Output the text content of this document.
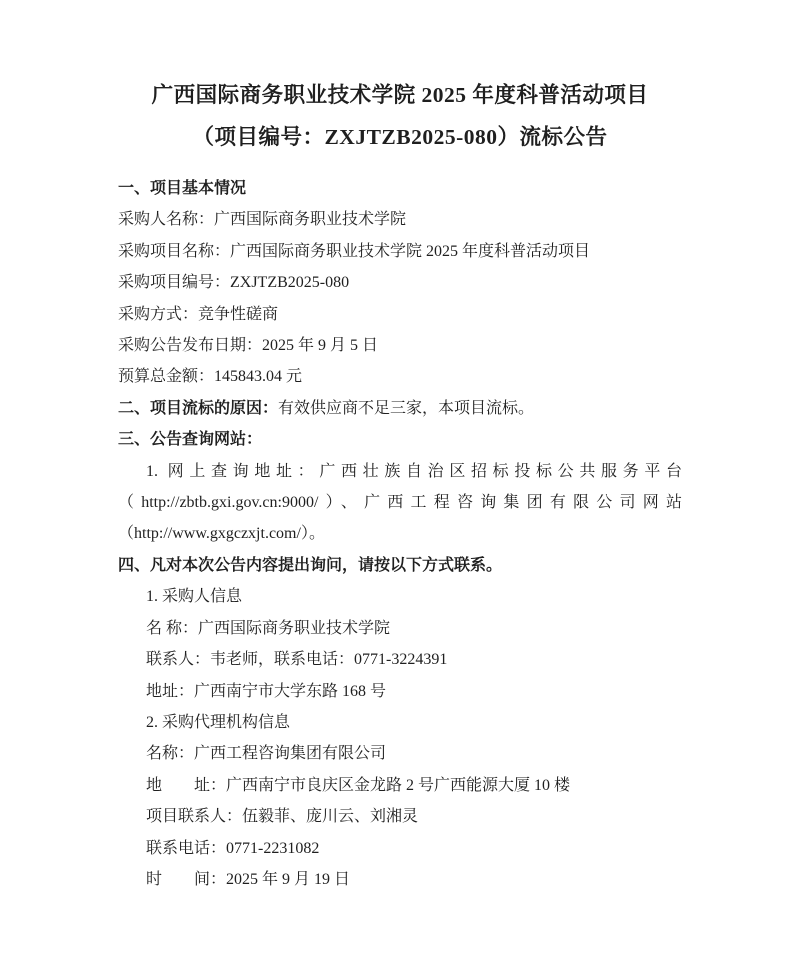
广西国际商务职业技术学院 2025 年度科普活动项目

（项目编号：ZXJTZB2025-080）流标公告

一、项目基本情况

采购人名称：广西国际商务职业技术学院

采购项目名称：广西国际商务职业技术学院 2025 年度科普活动项目

采购项目编号：ZXJTZB2025-080

采购方式：竞争性磋商

采购公告发布日期：2025 年 9 月 5 日

预算总金额：145843.04 元

二、项目流标的原因：有效供应商不足三家，本项目流标。

三、公告查询网站：

1. 网上查询地址：广西壮族自治区招标投标公共服务平台

（http://zbtb.gxi.gov.cn:9000/）、广西工程咨询集团有限公司网站

（http://www.gxgczxjt.com/）。

四、凡对本次公告内容提出询问，请按以下方式联系。

1. 采购人信息

名 称：广西国际商务职业技术学院

联系人：韦老师，联系电话：0771-3224391

地址：广西南宁市大学东路 168 号

2. 采购代理机构信息

名称：广西工程咨询集团有限公司

地　　址：广西南宁市良庆区金龙路 2 号广西能源大厦 10 楼

项目联系人：伍毅菲、庞川云、刘湘灵

联系电话：0771-2231082

时　　间：2025 年 9 月 19 日
